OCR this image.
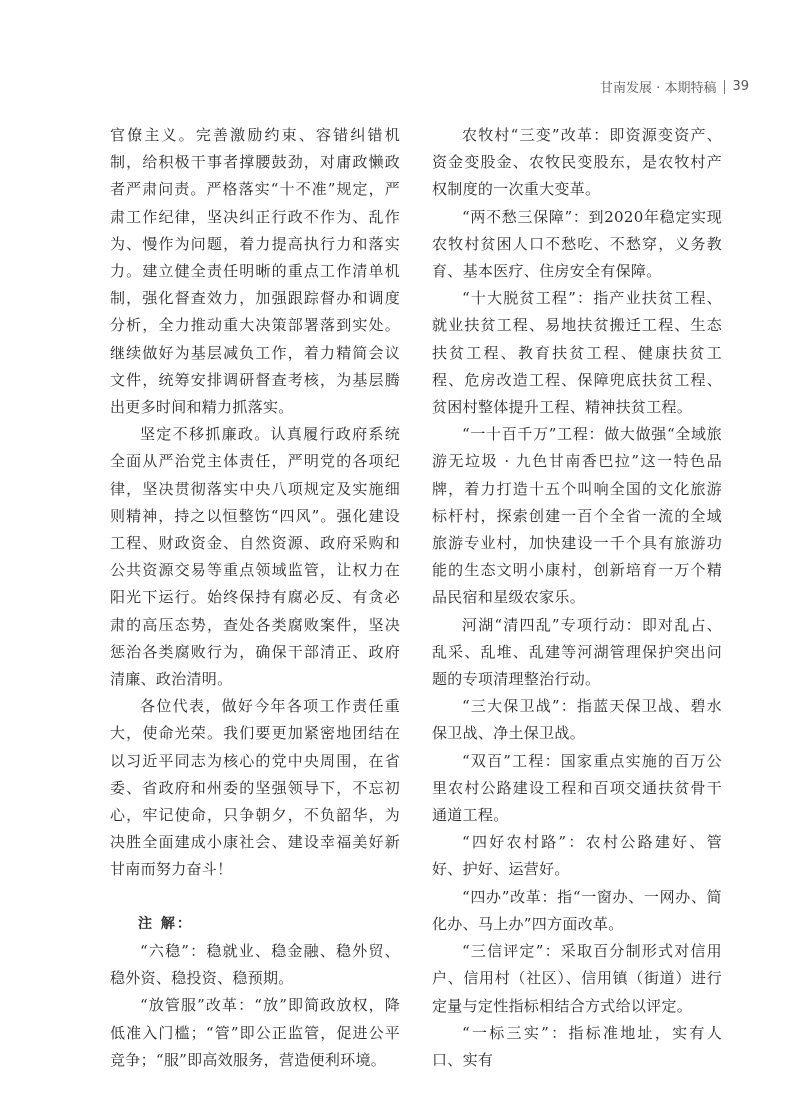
甘南发展 · 本期特稿 39

官僚主义。完善激励约束、容错纠错机制，给积极干事者撑腰鼓劲，对庸政懒政者严肃问责。严格落实“十不准”规定，严肃工作纪律，坚决纠正行政不作为、乱作为、慢作为问题，着力提高执行力和落实力。建立健全责任明晰的重点工作清单机制，强化督查效力，加强跟踪督办和调度分析，全力推动重大决策部署落到实处。继续做好为基层减负工作，着力精简会议文件，统筹安排调研督查考核，为基层腾出更多时间和精力抓落实。

坚定不移抓廉政。认真履行政府系统全面从严治党主体责任，严明党的各项纪律，坚决贯彻落实中央八项规定及实施细则精神，持之以恒整饬“四风”。强化建设工程、财政资金、自然资源、政府采购和公共资源交易等重点领域监管，让权力在阳光下运行。始终保持有腐必反、有贪必肃的高压态势，查处各类腐败案件，坚决惩治各类腐败行为，确保干部清正、政府清廉、政治清明。

各位代表，做好今年各项工作责任重大，使命光荣。我们要更加紧密地团结在以习近平同志为核心的党中央周围，在省委、省政府和州委的坚强领导下，不忘初心，牢记使命，只争朝夕，不负韶华，为决胜全面建成小康社会、建设幸福美好新甘南而努力奋斗！

注 解：

“六稳”：稳就业、稳金融、稳外贸、稳外资、稳投资、稳预期。

“放管服”改革：“放”即简政放权，降低准入门槛；“管”即公正监管，促进公平竞争；“服”即高效服务，营造便利环境。

农牧村“三变”改革：即资源变资产、资金变股金、农牧民变股东，是农牧村产权制度的一次重大变革。

“两不愁三保障”：到2020年稳定实现农牧村贫困人口不愁吃、不愁穿，义务教育、基本医疗、住房安全有保障。

“十大脱贫工程”：指产业扶贫工程、就业扶贫工程、易地扶贫搬迁工程、生态扶贫工程、教育扶贫工程、健康扶贫工程、危房改造工程、保障兜底扶贫工程、贫困村整体提升工程、精神扶贫工程。

“一十百千万”工程：做大做强“全域旅游无垃圾 · 九色甘南香巴拉”这一特色品牌，着力打造十五个叫响全国的文化旅游标杆村，探索创建一百个全省一流的全域旅游专业村，加快建设一千个具有旅游功能的生态文明小康村，创新培育一万个精品民宿和星级农家乐。

河湖“清四乱”专项行动：即对乱占、乱采、乱堆、乱建等河湖管理保护突出问题的专项清理整治行动。

“三大保卫战”：指蓝天保卫战、碧水保卫战、净土保卫战。

“双百”工程：国家重点实施的百万公里农村公路建设工程和百项交通扶贫骨干通道工程。

“四好农村路”：农村公路建好、管好、护好、运营好。

“四办”改革：指“一窗办、一网办、简化办、马上办”四方面改革。

“三信评定”：采取百分制形式对信用户、信用村（社区）、信用镇（街道）进行定量与定性指标相结合方式给以评定。

“一标三实”：指标准地址，实有人口、实有
